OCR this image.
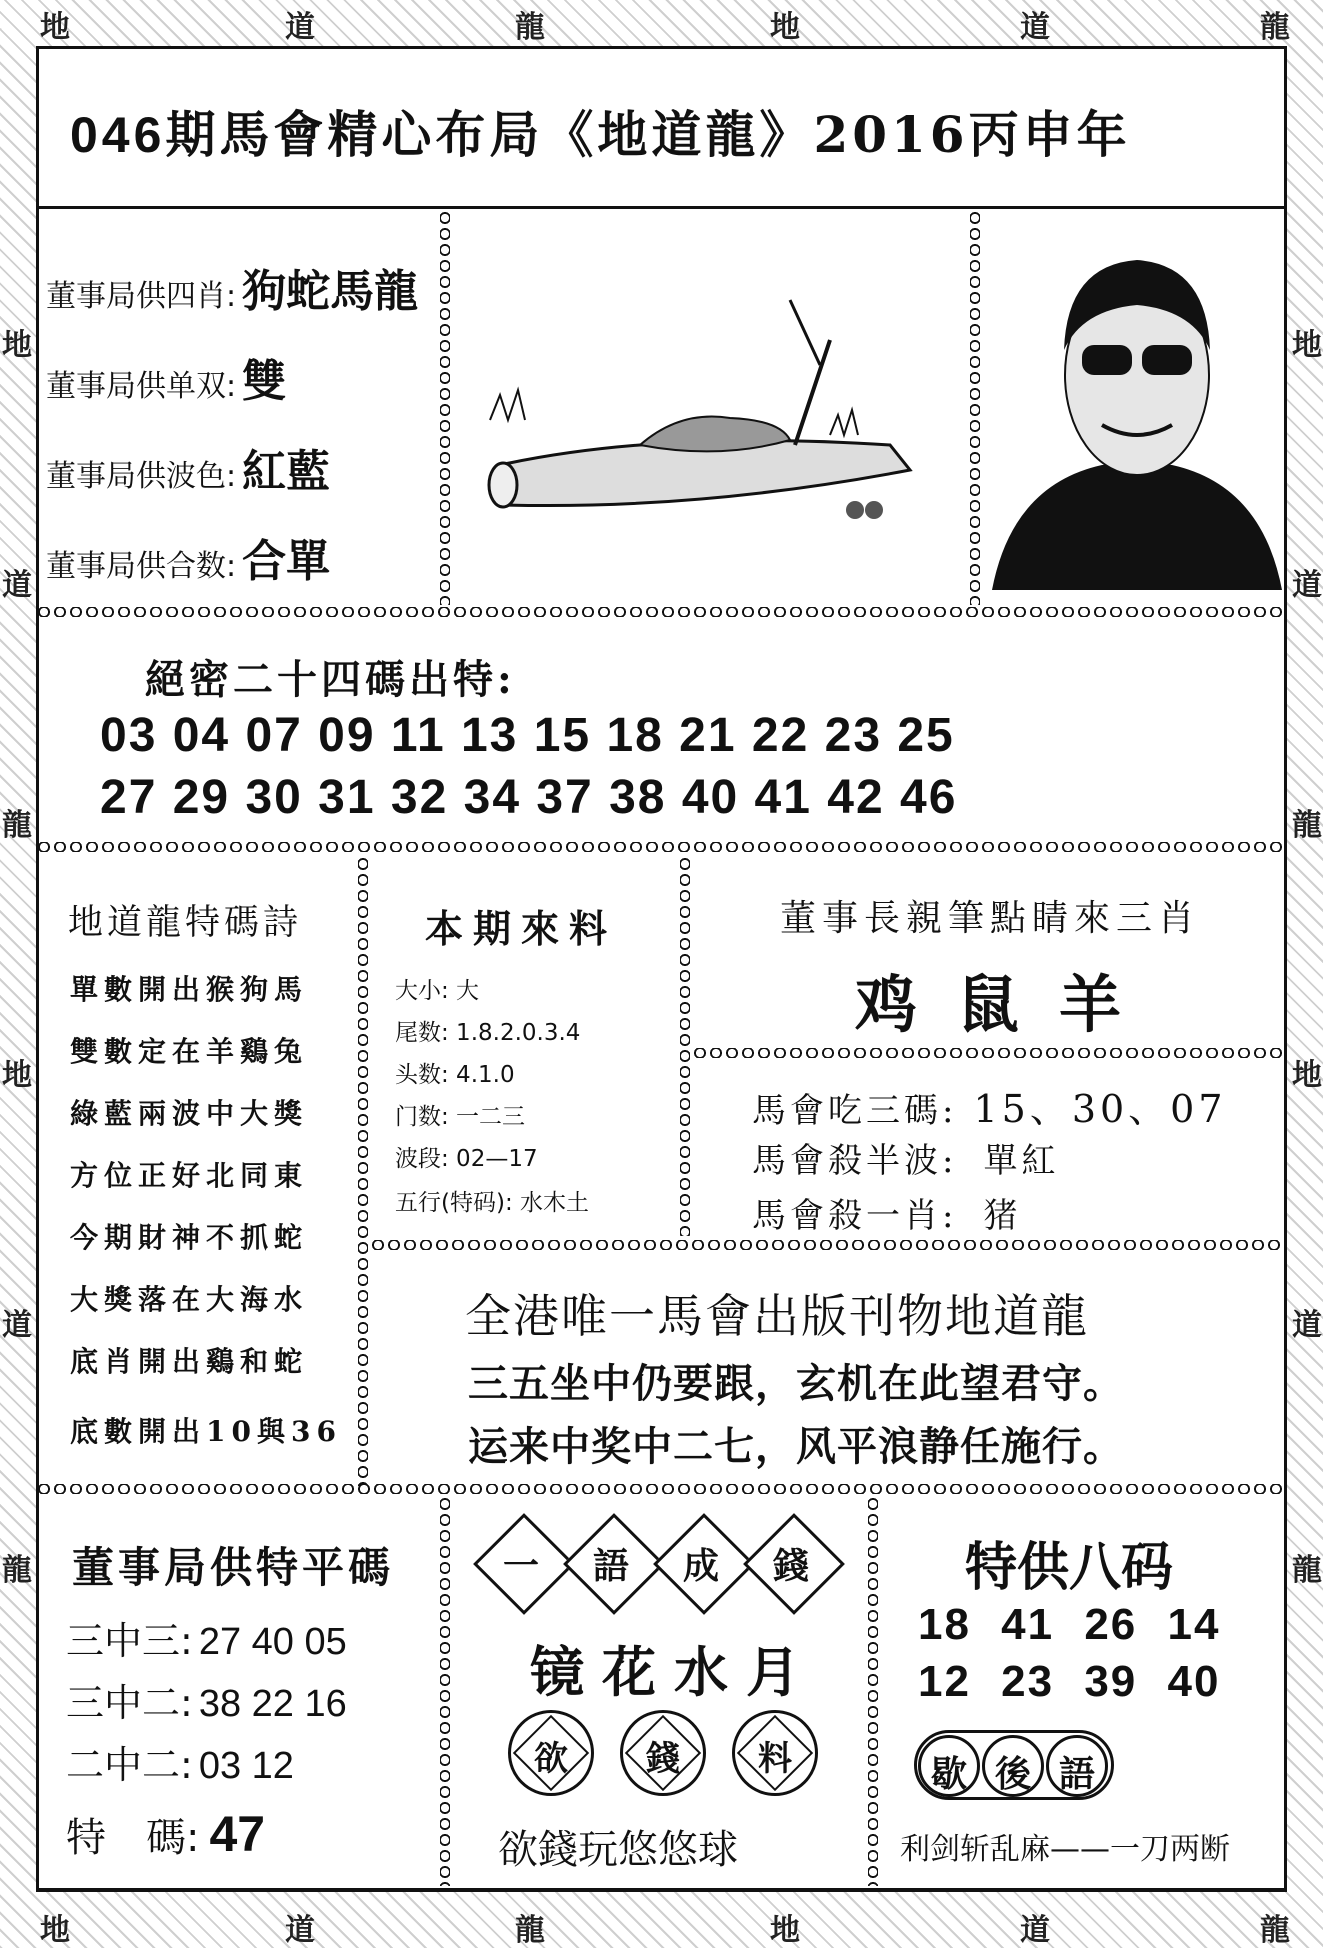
地	道	龍	地	道	龍
地	道	龍	地	道	龍
地
道
龍
地
道
龍
地
道
龍
地
道
龍
046期馬會精心布局《地道龍》2016丙申年
董事局供四肖: 狗蛇馬龍
董事局供单双: 雙
董事局供波色: 紅藍
董事局供合数: 合單
絕密二十四碼出特:
03 04 07 09 11 13 15 18 21 22 23 25
27 29 30 31 32 34 37 38 40 41 42 46
地道龍特碼詩
單數開出猴狗馬
雙數定在羊鷄兔
綠藍兩波中大獎
方位正好北同東
今期財神不抓蛇
大獎落在大海水
底肖開出鷄和蛇
底數開出10與36
本期來料
大小: 大
尾数: 1.8.2.0.3.4
头数: 4.1.0
门数: 一二三
波段: 02—17
五行(特码): 水木土
董事長親筆點睛來三肖
鸡鼠羊
馬會吃三碼: 15、30、07
馬會殺半波: 單紅
馬會殺一肖: 猪
全港唯一馬會出版刊物地道龍
三五坐中仍要跟，玄机在此望君守。
运来中奖中二七，风平浪静任施行。
董事局供特平碼
三中三: 27 40 05
三中二: 38 22 16
二中二: 03 12
特　碼: 47
一	語	成	錢
镜花水月
欲	錢	料
欲錢玩悠悠球
特供八码
18 41 26 14
12 23 39 40
歇 後 語
利剑斩乱麻——一刀两断
